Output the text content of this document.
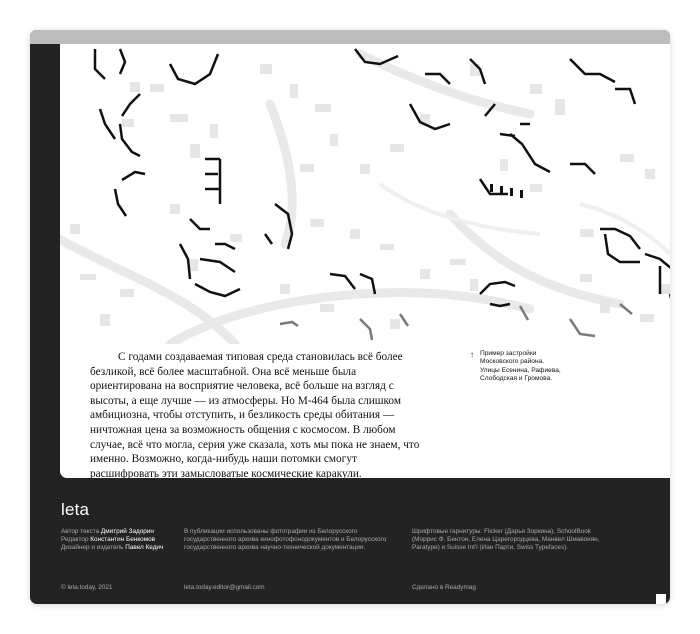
С годами создаваемая типовая среда становилась всё более безликой, всё более масштабной. Она всё меньше была ориентирована на восприятие человека, всё больше на взгляд с высоты, а еще лучше — из атмосферы. Но М-464 была слишком амбициозна, чтобы отступить, и безликость среды обитания — ничтожная цена за возможность общения с космосом. В любом случае, всё что могла, серия уже сказала, хоть мы пока не знаем, что именно. Возможно, когда-нибудь наши потомки смогут расшифровать эти замысловатые космические каракули.

↑ Пример застройки
Московского района.
Улицы Есенина, Рафиева,
Слободская и Громова.
leta
Автор текста Дмитрий Задорин
Редактор Константин Бенкомов
Дизайнер и издатель Павел Кедич
В публикации использованы фотографии из Белорусского
государственного архива кинофотофонодокументов и Белорусского
государственного архива научно-технической документации.
Шрифтовые гарнитуры: Flicker (Дарья Зоркина), SchoolBook
(Моррис Ф. Бентон, Елена Царегородцева, Манвел Шмавонян,
Paratype) и Suisse Int’l (Иан Парти, Swiss Typefaces).
© leta.today, 2021	leta.today.editor@gmail.com	Сделано в Readymag
